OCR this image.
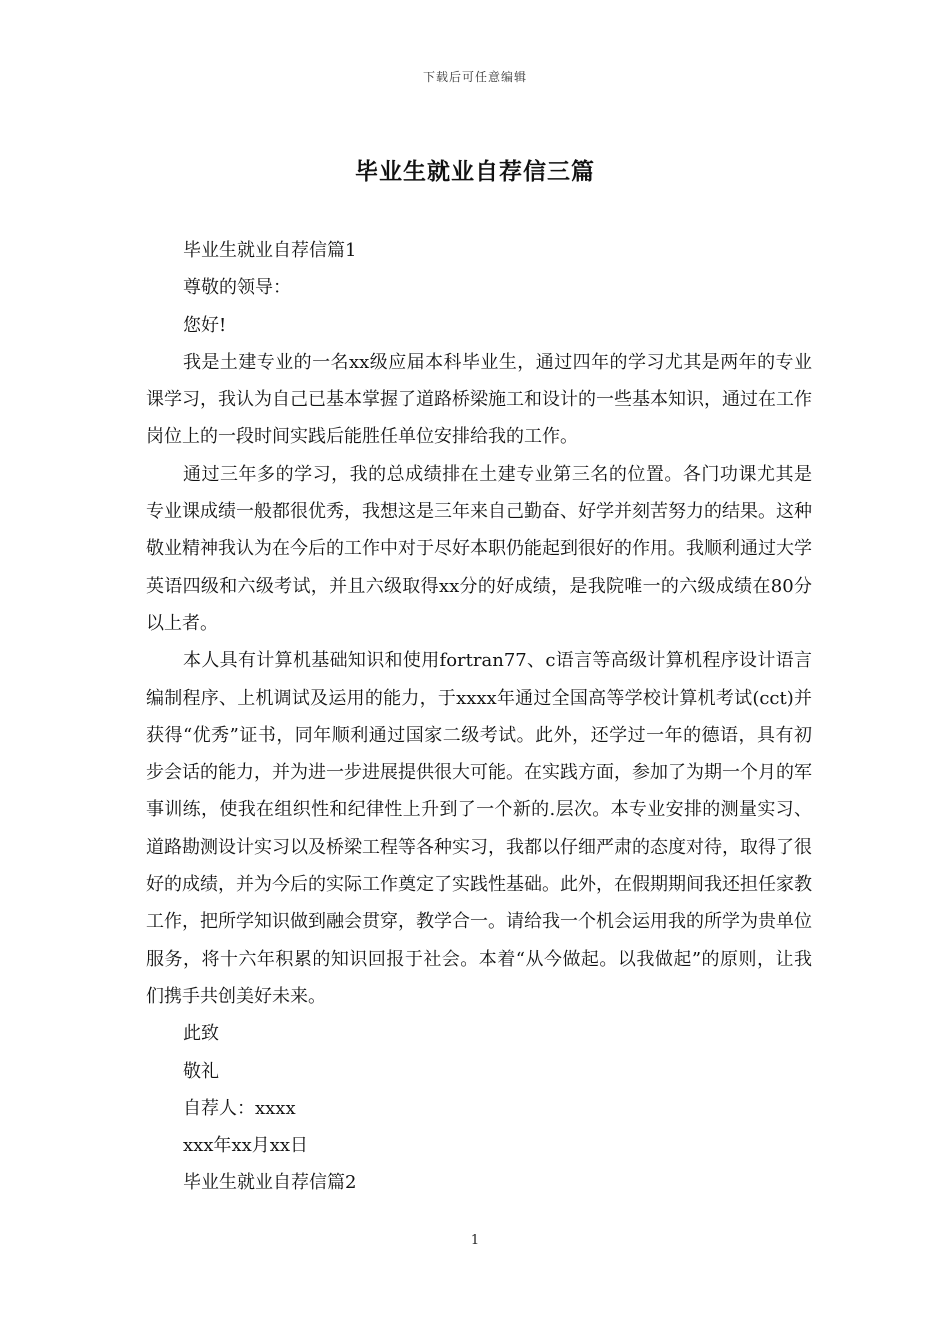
下载后可任意编辑
毕业生就业自荐信三篇

毕业生就业自荐信篇1

尊敬的领导：

您好!

我是土建专业的一名xx级应届本科毕业生，通过四年的学习尤其是两年的专业课学习，我认为自己已基本掌握了道路桥梁施工和设计的一些基本知识，通过在工作岗位上的一段时间实践后能胜任单位安排给我的工作。

通过三年多的学习，我的总成绩排在土建专业第三名的位置。各门功课尤其是专业课成绩一般都很优秀，我想这是三年来自己勤奋、好学并刻苦努力的结果。这种敬业精神我认为在今后的工作中对于尽好本职仍能起到很好的作用。我顺利通过大学英语四级和六级考试，并且六级取得xx分的好成绩，是我院唯一的六级成绩在80分以上者。

本人具有计算机基础知识和使用fortran77、c语言等高级计算机程序设计语言编制程序、上机调试及运用的能力，于xxxx年通过全国高等学校计算机考试(cct)并获得“优秀”证书，同年顺利通过国家二级考试。此外，还学过一年的德语，具有初步会话的能力，并为进一步进展提供很大可能。在实践方面，参加了为期一个月的军事训练，使我在组织性和纪律性上升到了一个新的.层次。本专业安排的测量实习、道路勘测设计实习以及桥梁工程等各种实习，我都以仔细严肃的态度对待，取得了很好的成绩，并为今后的实际工作奠定了实践性基础。此外，在假期期间我还担任家教工作，把所学知识做到融会贯穿，教学合一。请给我一个机会运用我的所学为贵单位服务，将十六年积累的知识回报于社会。本着“从今做起。以我做起”的原则，让我们携手共创美好未来。

此致

敬礼

自荐人：xxxx

xxx年xx月xx日

毕业生就业自荐信篇2

1
